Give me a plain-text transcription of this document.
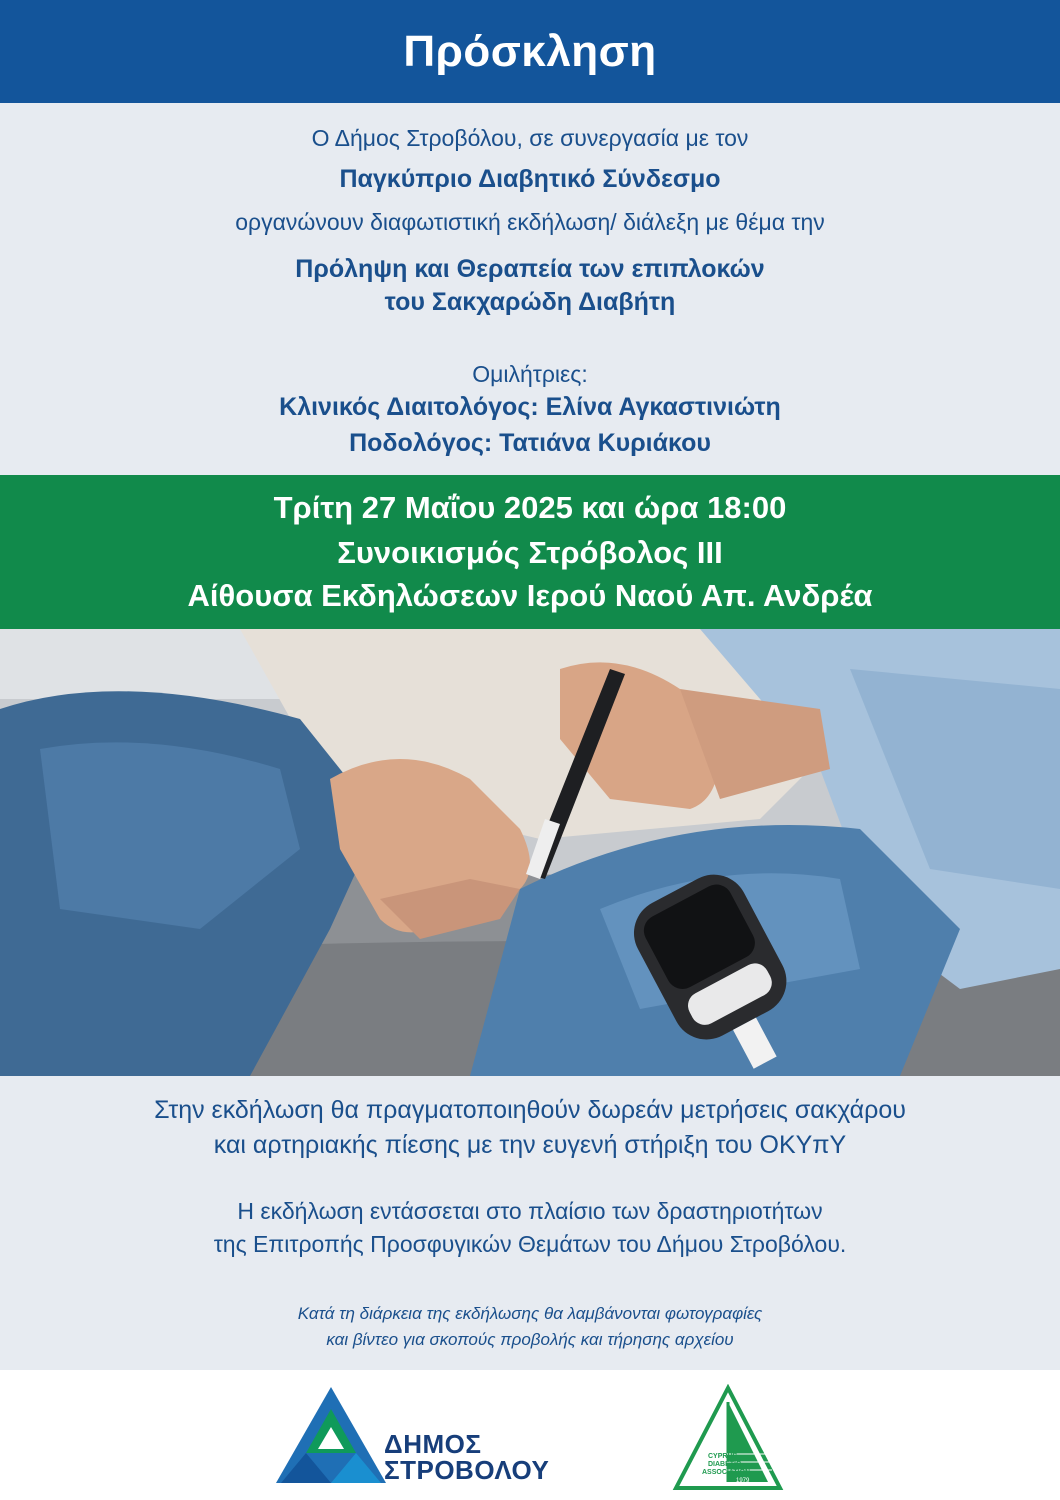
Πρόσκληση

Ο Δήμος Στροβόλου, σε συνεργασία με τον

Παγκύπριο Διαβητικό Σύνδεσμο

οργανώνουν διαφωτιστική εκδήλωση/ διάλεξη με θέμα την

Πρόληψη και Θεραπεία των επιπλοκών

του Σακχαρώδη Διαβήτη

Ομιλήτριες:

Κλινικός Διαιτολόγος: Ελίνα Αγκαστινιώτη

Ποδολόγος: Τατιάνα Κυριάκου

Τρίτη 27 Μαΐου 2025 και ώρα 18:00

Συνοικισμός Στρόβολος ΙΙΙ

Αίθουσα Εκδηλώσεων Ιερού Ναού Απ. Ανδρέα

Στην εκδήλωση θα πραγματοποιηθούν δωρεάν μετρήσεις σακχάρου

και αρτηριακής πίεσης με την ευγενή στήριξη του ΟΚΥπΥ

Η εκδήλωση εντάσσεται στο πλαίσιο των δραστηριοτήτων

της Επιτροπής Προσφυγικών Θεμάτων του Δήμου Στροβόλου.

Κατά τη διάρκεια της εκδήλωσης θα λαμβάνονται φωτογραφίες

και βίντεο για σκοπούς προβολής και τήρησης αρχείου

ΔΗΜΟΣ
ΣΤΡΟΒΟΛΟΥ	CYPRUS
DIABETIC
ASSOCIATION
1979
